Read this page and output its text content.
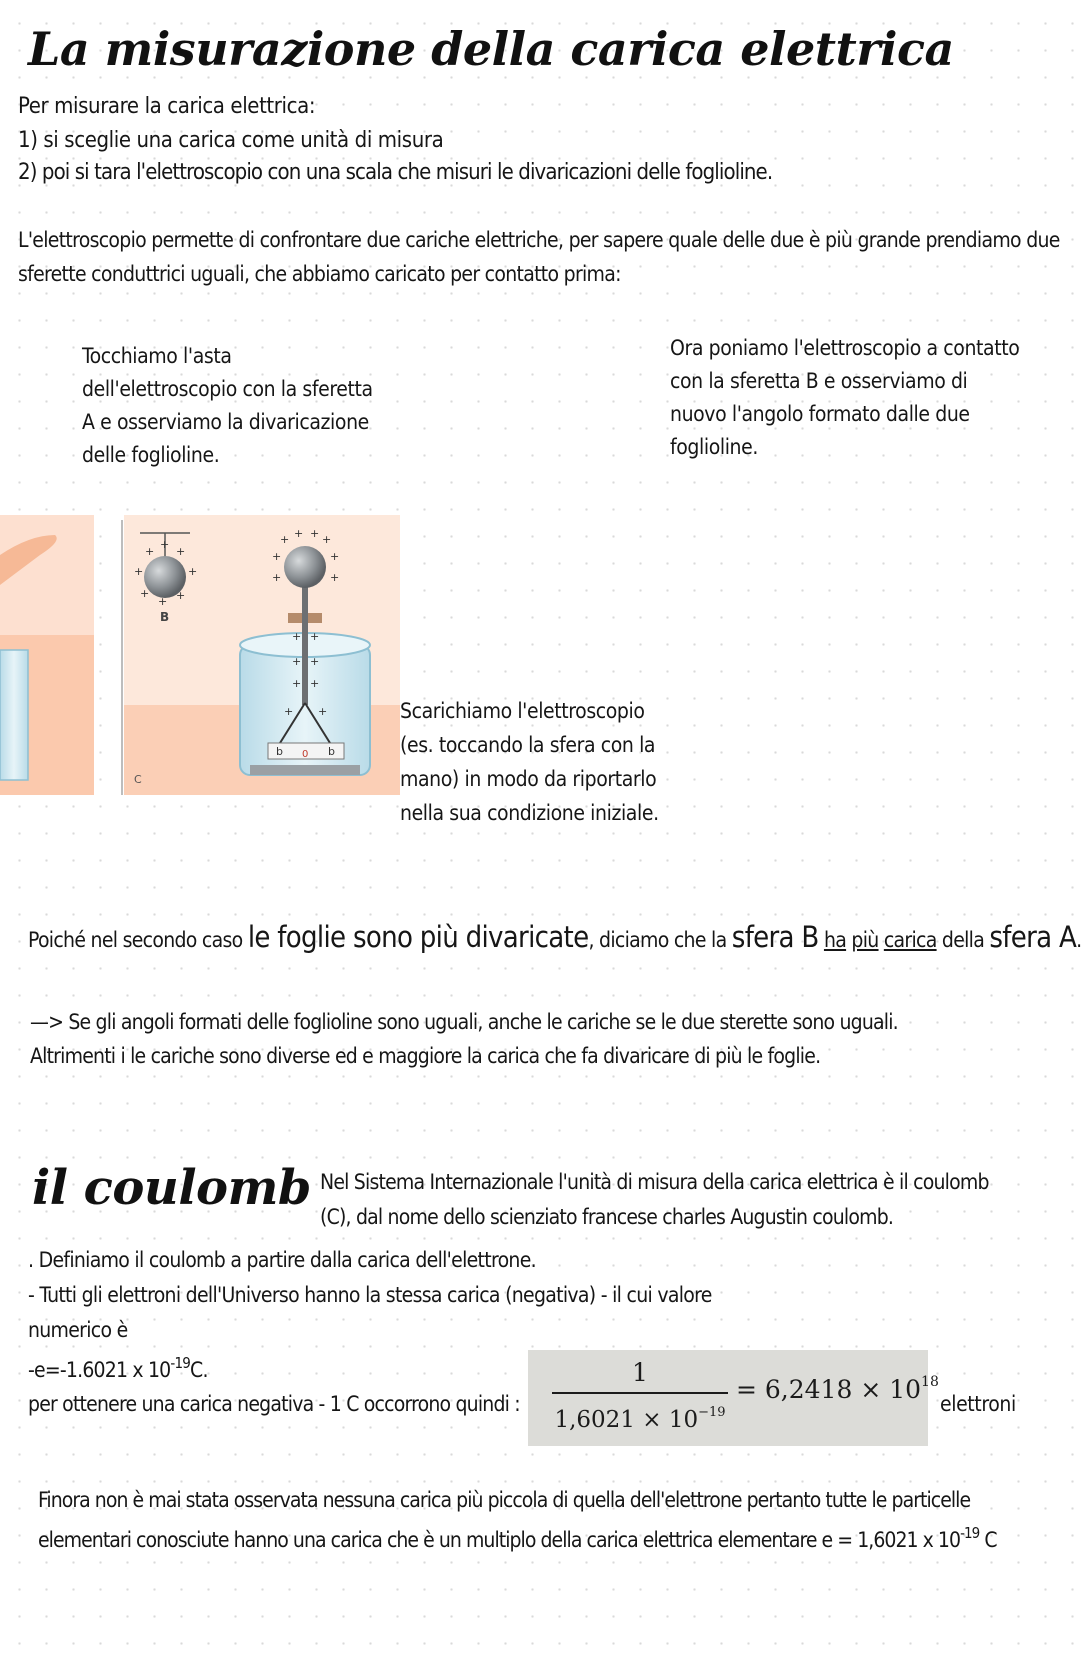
La misurazione della carica elettrica
Per misurare la carica elettrica:
1) si sceglie una carica come unità di misura
2) poi si tara l'elettroscopio con una scala che misuri le divaricazioni delle foglioline.
L'elettroscopio permette di confrontare due cariche elettriche, per sapere quale delle due è più grande prendiamo due sferette conduttrici uguali, che abbiamo caricato per contatto prima:
Tocchiamo l'asta dell'elettroscopio con la sferetta A e osserviamo la divaricazione delle foglioline.
Ora poniamo l'elettroscopio a contatto con la sferetta B e osserviamo di nuovo l'angolo formato dalle due foglioline.
+
+
+
+	+
+ +
+
B
+ + + +
+	+
+	+
+ +
+ +
+ +
+ +
b 0 b
C
Scarichiamo l'elettroscopio (es. toccando la sfera con la mano) in modo da riportarlo nella sua condizione iniziale.
Poiché nel secondo caso le foglie sono più divaricate, diciamo che la sfera B ha più carica della sfera A.
—> Se gli angoli formati delle foglioline sono uguali, anche le cariche se le due sterette sono uguali.
Altrimenti i le cariche sono diverse ed e maggiore la carica che fa divaricare di più le foglie.
il coulomb Nel Sistema Internazionale l'unità di misura della carica elettrica è il coulomb
(C), dal nome dello scienziato francese charles Augustin coulomb.
. Definiamo il coulomb a partire dalla carica dell'elettrone.
- Tutti gli elettroni dell'Universo hanno la stessa carica (negativa) - il cui valore
numerico è
-e=-1.6021 x $10^{-19}C$.
per ottenere una carica negativa - 1 C occorrono quindi :
1
$1,6021 \times 10^{-19}$
= $6,2418 \times 10^{18}$
elettroni
Finora non è mai stata osservata nessuna carica più piccola di quella dell'elettrone pertanto tutte le particelle
elementari conosciute hanno una carica che è un multiplo della carica elettrica elementare e = 1,6021 x $10^{-19}$ C
